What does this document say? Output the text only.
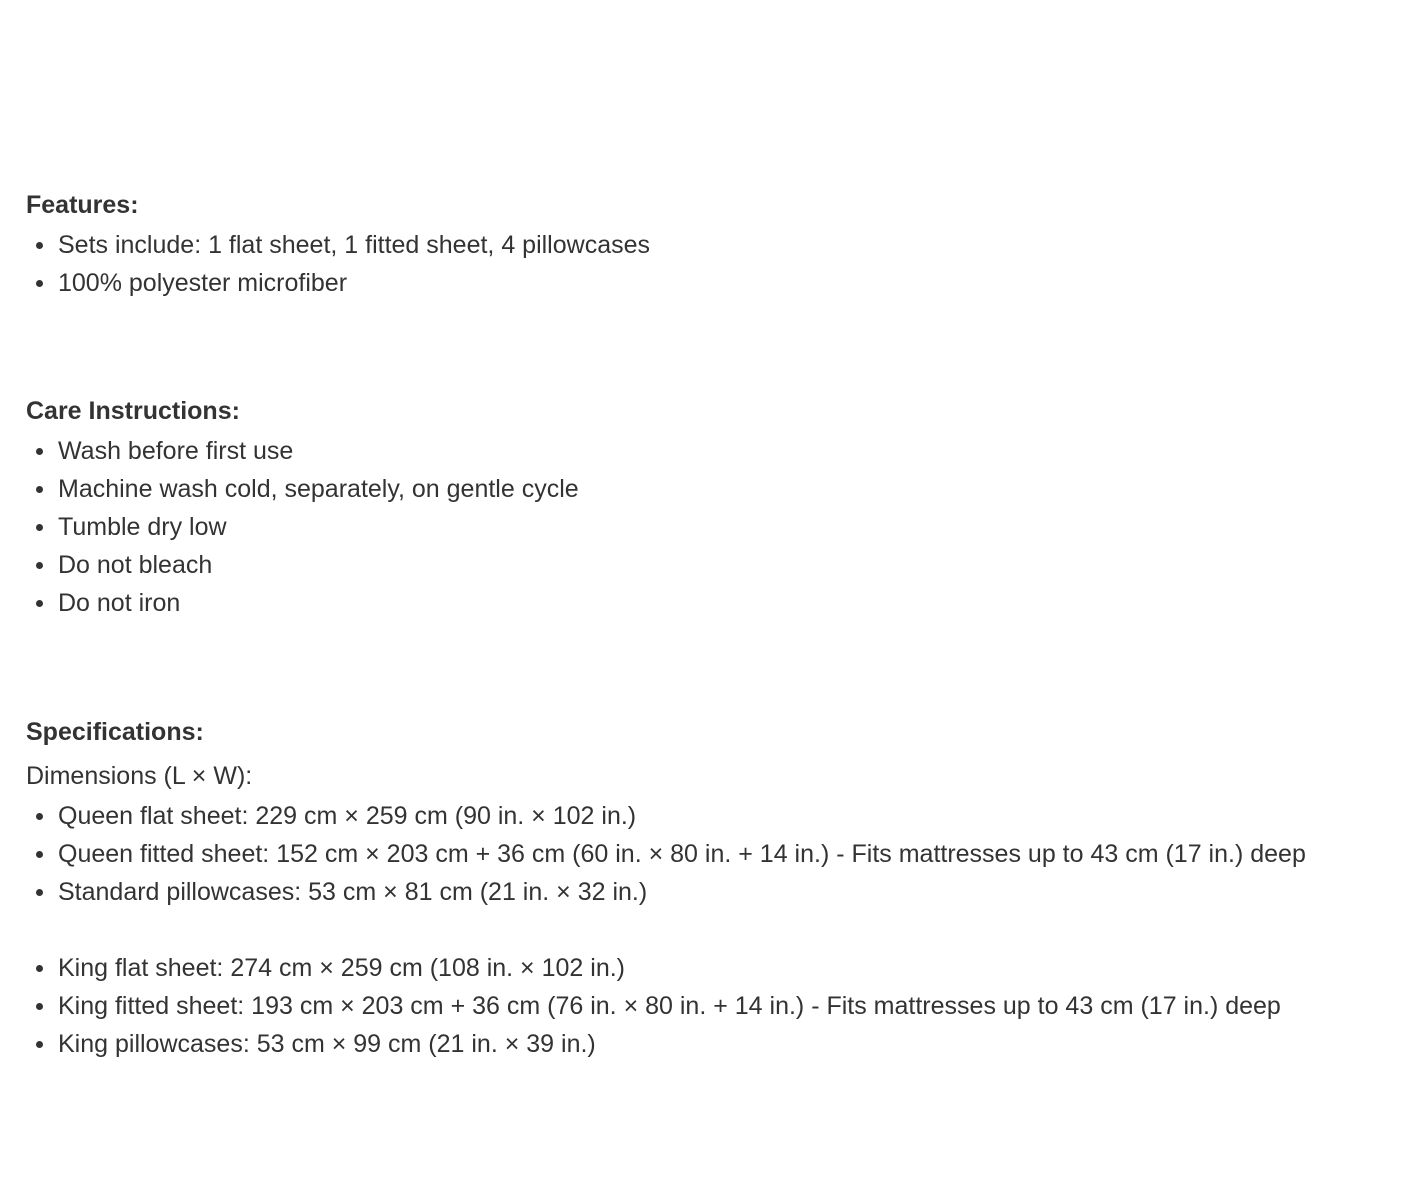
Features:
Sets include: 1 flat sheet, 1 fitted sheet, 4 pillowcases
100% polyester microfiber
Care Instructions:
Wash before first use
Machine wash cold, separately, on gentle cycle
Tumble dry low
Do not bleach
Do not iron
Specifications:
Dimensions (L × W):
Queen flat sheet: 229 cm × 259 cm (90 in. × 102 in.)
Queen fitted sheet: 152 cm × 203 cm + 36 cm (60 in. × 80 in. + 14 in.) - Fits mattresses up to 43 cm (17 in.) deep
Standard pillowcases: 53 cm × 81 cm (21 in. × 32 in.)
King flat sheet: 274 cm × 259 cm (108 in. × 102 in.)
King fitted sheet: 193 cm × 203 cm + 36 cm (76 in. × 80 in. + 14 in.) - Fits mattresses up to 43 cm (17 in.) deep
King pillowcases: 53 cm × 99 cm (21 in. × 39 in.)
